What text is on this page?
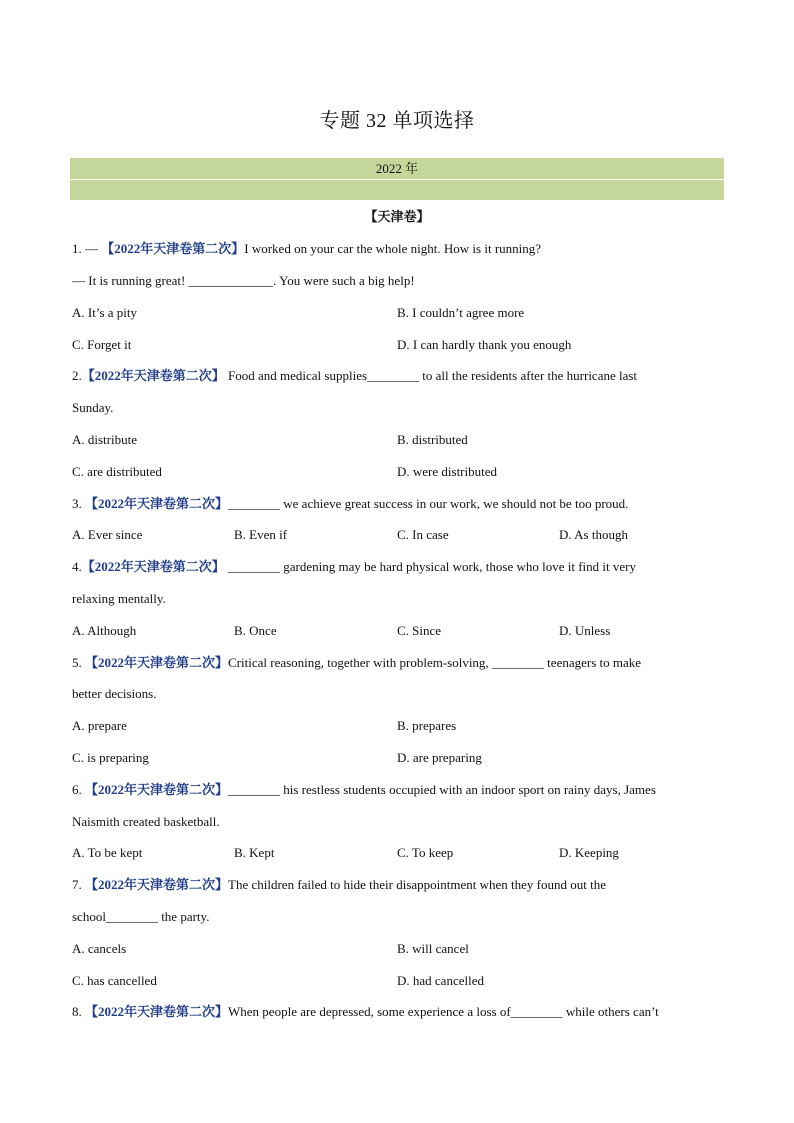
专题 32 单项选择
2022 年
【天津卷】
1. — 【2022年天津卷第二次】I worked on your car the whole night. How is it running?
— It is running great! _____________. You were such a big help!
A. It’s a pity	B. I couldn’t agree more
C. Forget it	D. I can hardly thank you enough
2.【2022年天津卷第二次】 Food and medical supplies________ to all the residents after the hurricane last
Sunday.
A. distribute	B. distributed
C. are distributed	D. were distributed
3. 【2022年天津卷第二次】________ we achieve great success in our work, we should not be too proud.
A. Ever since	B. Even if	C. In case	D. As though
4.【2022年天津卷第二次】 ________ gardening may be hard physical work, those who love it find it very
relaxing mentally.
A. Although	B. Once	C. Since	D. Unless
5. 【2022年天津卷第二次】Critical reasoning, together with problem-solving, ________ teenagers to make
better decisions.
A. prepare	B. prepares
C. is preparing	D. are preparing
6. 【2022年天津卷第二次】________ his restless students occupied with an indoor sport on rainy days, James
Naismith created basketball.
A. To be kept	B. Kept	C. To keep	D. Keeping
7. 【2022年天津卷第二次】The children failed to hide their disappointment when they found out the
school________ the party.
A. cancels	B. will cancel
C. has cancelled	D. had cancelled
8. 【2022年天津卷第二次】When people are depressed, some experience a loss of________ while others can’t
